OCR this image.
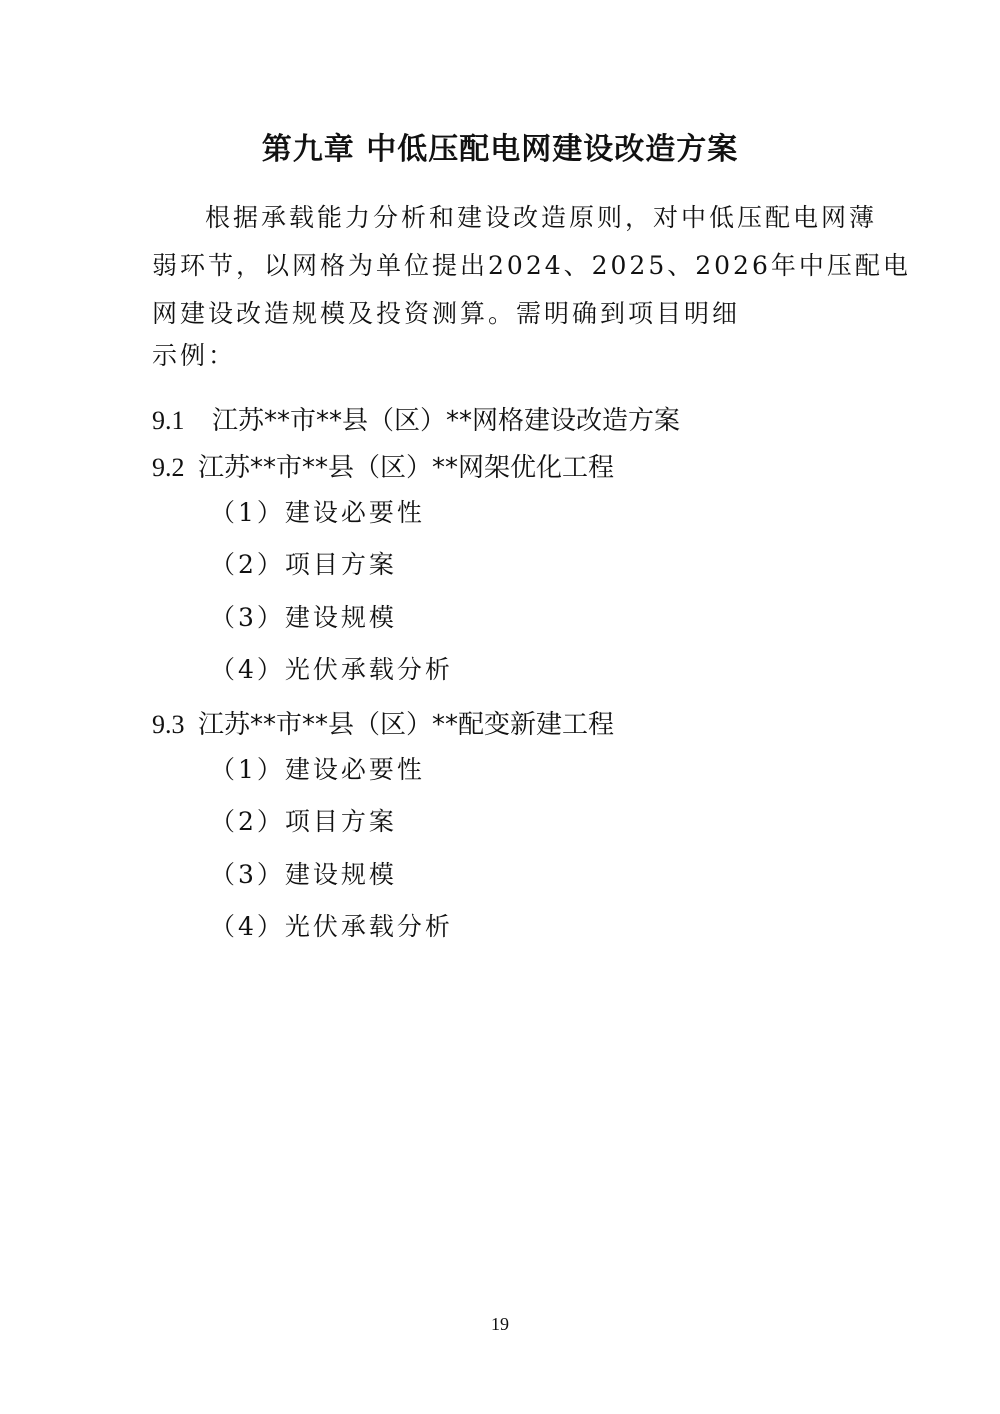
第九章 中低压配电网建设改造方案
根据承载能力分析和建设改造原则，对中低压配电网薄
弱环节，以网格为单位提出2024、2025、2026年中压配电
网建设改造规模及投资测算。需明确到项目明细
示例：
9.1 江苏**市**县（区）**网格建设改造方案
9.2 江苏**市**县（区）**网架优化工程
（1）建设必要性
（2）项目方案
（3）建设规模
（4）光伏承载分析
9.3 江苏**市**县（区）**配变新建工程
（1）建设必要性
（2）项目方案
（3）建设规模
（4）光伏承载分析
19
